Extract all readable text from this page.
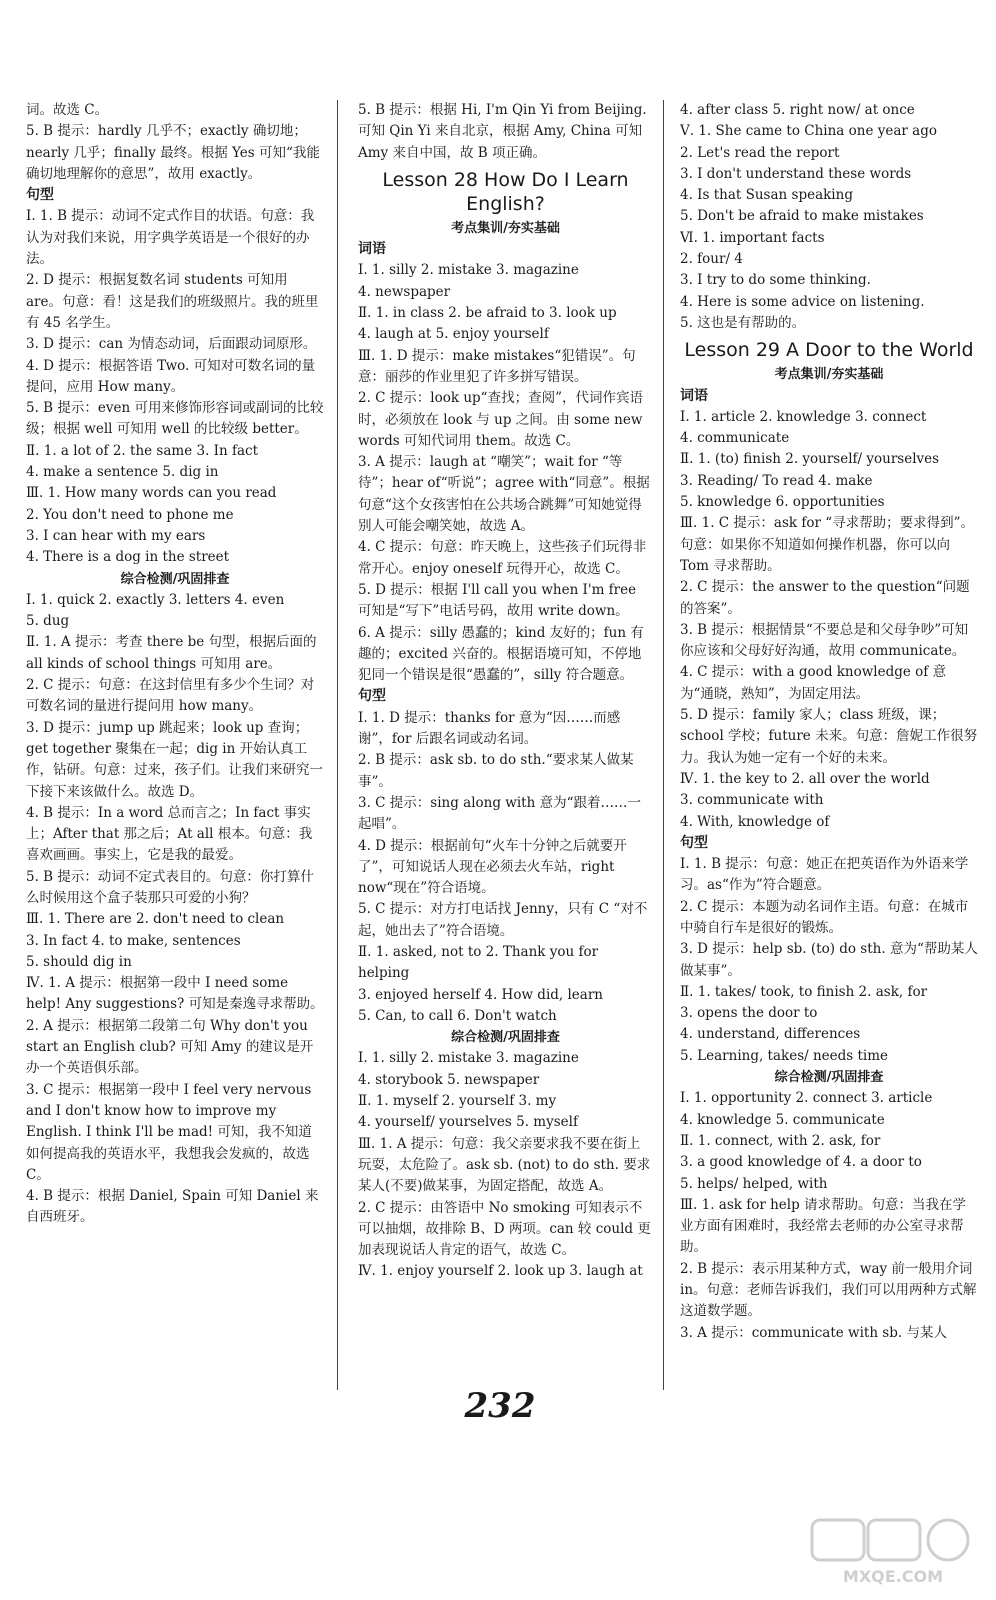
词。故选 C。

5. B 提示：hardly 几乎不；exactly 确切地；nearly 几乎；finally 最终。根据 Yes 可知“我能确切地理解你的意思”，故用 exactly。

句型

Ⅰ. 1. B 提示：动词不定式作目的状语。句意：我认为对我们来说，用字典学英语是一个很好的办法。

2. D 提示：根据复数名词 students 可知用 are。句意：看！这是我们的班级照片。我的班里有 45 名学生。

3. D 提示：can 为情态动词，后面跟动词原形。

4. D 提示：根据答语 Two. 可知对可数名词的量提问，应用 How many。

5. B 提示：even 可用来修饰形容词或副词的比较级；根据 well 可知用 well 的比较级 better。

Ⅱ. 1. a lot of 2. the same 3. In fact

4. make a sentence 5. dig in

Ⅲ. 1. How many words can you read

2. You don't need to phone me

3. I can hear with my ears

4. There is a dog in the street

综合检测/巩固排查

Ⅰ. 1. quick 2. exactly 3. letters 4. even

5. dug

Ⅱ. 1. A 提示：考查 there be 句型，根据后面的 all kinds of school things 可知用 are。

2. C 提示：句意：在这封信里有多少个生词？对可数名词的量进行提问用 how many。

3. D 提示：jump up 跳起来；look up 查询；get together 聚集在一起；dig in 开始认真工作，钻研。句意：过来，孩子们。让我们来研究一下接下来该做什么。故选 D。

4. B 提示：In a word 总而言之；In fact 事实上；After that 那之后；At all 根本。句意：我喜欢画画。事实上，它是我的最爱。

5. B 提示：动词不定式表目的。句意：你打算什么时候用这个盒子装那只可爱的小狗？

Ⅲ. 1. There are 2. don't need to clean

3. In fact 4. to make, sentences

5. should dig in

Ⅳ. 1. A 提示：根据第一段中 I need some help! Any suggestions? 可知是秦逸寻求帮助。

2. A 提示：根据第二段第二句 Why don't you start an English club? 可知 Amy 的建议是开办一个英语俱乐部。

3. C 提示：根据第一段中 I feel very nervous and I don't know how to improve my English. I think I'll be mad! 可知，我不知道如何提高我的英语水平，我想我会发疯的，故选 C。

4. B 提示：根据 Daniel, Spain 可知 Daniel 来自西班牙。

5. B 提示：根据 Hi, I'm Qin Yi from Beijing. 可知 Qin Yi 来自北京，根据 Amy, China 可知 Amy 来自中国，故 B 项正确。

Lesson 28 How Do I Learn English?
考点集训/夯实基础
词语

Ⅰ. 1. silly 2. mistake 3. magazine

4. newspaper

Ⅱ. 1. in class 2. be afraid to 3. look up

4. laugh at 5. enjoy yourself

Ⅲ. 1. D 提示：make mistakes“犯错误”。句意：丽莎的作业里犯了许多拼写错误。

2. C 提示：look up“查找；查阅”，代词作宾语时，必须放在 look 与 up 之间。由 some new words 可知代词用 them。故选 C。

3. A 提示：laugh at “嘲笑”；wait for “等待”；hear of“听说”；agree with“同意”。根据句意“这个女孩害怕在公共场合跳舞”可知她觉得别人可能会嘲笑她，故选 A。

4. C 提示：句意：昨天晚上，这些孩子们玩得非常开心。enjoy oneself 玩得开心，故选 C。

5. D 提示：根据 I'll call you when I'm free 可知是“写下”电话号码，故用 write down。

6. A 提示：silly 愚蠢的；kind 友好的；fun 有趣的；excited 兴奋的。根据语境可知，不停地犯同一个错误是很“愚蠢的”，silly 符合题意。

句型

Ⅰ. 1. D 提示：thanks for 意为“因……而感谢”，for 后跟名词或动名词。

2. B 提示：ask sb. to do sth.“要求某人做某事”。

3. C 提示：sing along with 意为“跟着……一起唱”。

4. D 提示：根据前句“火车十分钟之后就要开了”，可知说话人现在必须去火车站，right now“现在”符合语境。

5. C 提示：对方打电话找 Jenny，只有 C “对不起，她出去了”符合语境。

Ⅱ. 1. asked, not to 2. Thank you for helping

3. enjoyed herself 4. How did, learn

5. Can, to call 6. Don't watch

综合检测/巩固排查

Ⅰ. 1. silly 2. mistake 3. magazine

4. storybook 5. newspaper

Ⅱ. 1. myself 2. yourself 3. my

4. yourself/ yourselves 5. myself

Ⅲ. 1. A 提示：句意：我父亲要求我不要在街上玩耍，太危险了。ask sb. (not) to do sth. 要求某人(不要)做某事，为固定搭配，故选 A。

2. C 提示：由答语中 No smoking 可知表示不可以抽烟，故排除 B、D 两项。can 较 could 更加表现说话人肯定的语气，故选 C。

Ⅳ. 1. enjoy yourself 2. look up 3. laugh at

4. after class 5. right now/ at once

Ⅴ. 1. She came to China one year ago

2. Let's read the report

3. I don't understand these words

4. Is that Susan speaking

5. Don't be afraid to make mistakes

Ⅵ. 1. important facts

2. four/ 4

3. I try to do some thinking.

4. Here is some advice on listening.

5. 这也是有帮助的。

Lesson 29 A Door to the World
考点集训/夯实基础
词语

Ⅰ. 1. article 2. knowledge 3. connect

4. communicate

Ⅱ. 1. (to) finish 2. yourself/ yourselves

3. Reading/ To read 4. make

5. knowledge 6. opportunities

Ⅲ. 1. C 提示：ask for “寻求帮助；要求得到”。句意：如果你不知道如何操作机器，你可以向 Tom 寻求帮助。

2. C 提示：the answer to the question“问题的答案”。

3. B 提示：根据情景“不要总是和父母争吵”可知你应该和父母好好沟通，故用 communicate。

4. C 提示：with a good knowledge of 意为“通晓，熟知”，为固定用法。

5. D 提示：family 家人；class 班级，课；school 学校；future 未来。句意：詹妮工作很努力。我认为她一定有一个好的未来。

Ⅳ. 1. the key to 2. all over the world

3. communicate with

4. With, knowledge of

句型

Ⅰ. 1. B 提示：句意：她正在把英语作为外语来学习。as“作为”符合题意。

2. C 提示：本题为动名词作主语。句意：在城市中骑自行车是很好的锻炼。

3. D 提示：help sb. (to) do sth. 意为“帮助某人做某事”。

Ⅱ. 1. takes/ took, to finish 2. ask, for

3. opens the door to

4. understand, differences

5. Learning, takes/ needs time

综合检测/巩固排查

Ⅰ. 1. opportunity 2. connect 3. article

4. knowledge 5. communicate

Ⅱ. 1. connect, with 2. ask, for

3. a good knowledge of 4. a door to

5. helps/ helped, with

Ⅲ. 1. ask for help 请求帮助。句意：当我在学业方面有困难时，我经常去老师的办公室寻求帮助。

2. B 提示：表示用某种方式，way 前一般用介词 in。句意：老师告诉我们，我们可以用两种方式解这道数学题。

3. A 提示：communicate with sb. 与某人

232
MXQE.COM
